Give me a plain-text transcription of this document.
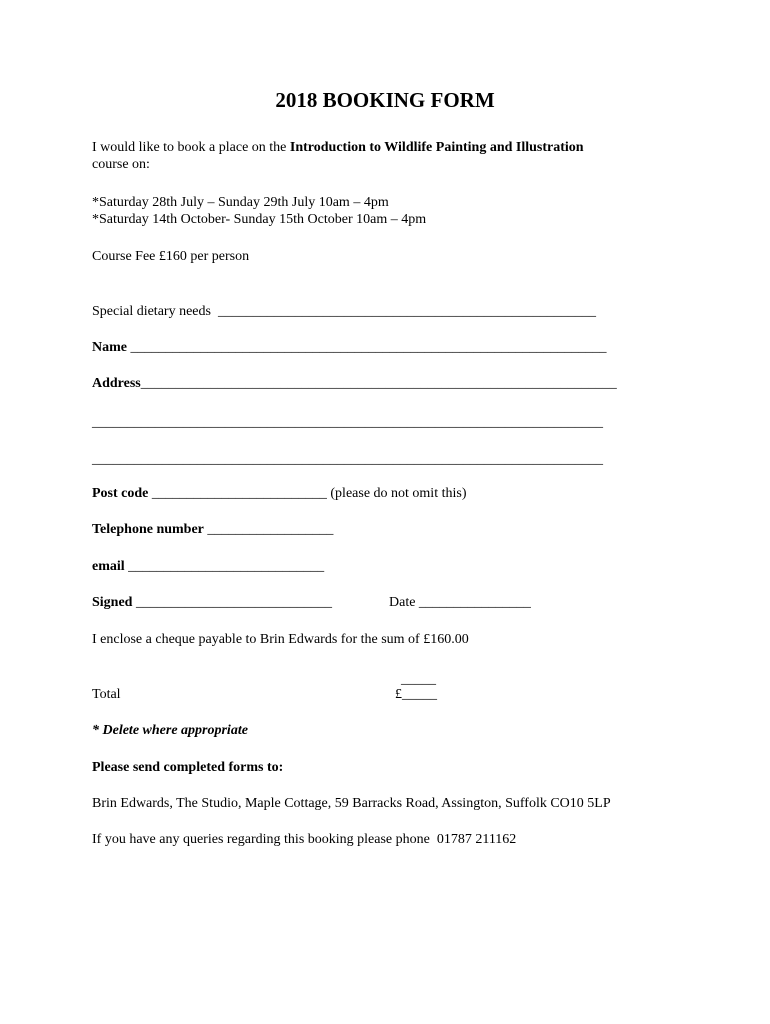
2018 BOOKING FORM
I would like to book a place on the Introduction to Wildlife Painting and Illustration
course on:
*Saturday 28th July – Sunday 29th July 10am – 4pm
*Saturday 14th October- Sunday 15th October 10am – 4pm
Course Fee £160 per person
Special dietary needs  ______________________________________________________
Name ____________________________________________________________________
Address____________________________________________________________________
_________________________________________________________________________
_________________________________________________________________________
Post code _________________________ (please do not omit this)
Telephone number __________________
email ____________________________
Signed ____________________________	Date ________________
I enclose a cheque payable to Brin Edwards for the sum of £160.00
_____
Total	£_____
* Delete where appropriate
Please send completed forms to:
Brin Edwards, The Studio, Maple Cottage, 59 Barracks Road, Assington, Suffolk CO10 5LP
If you have any queries regarding this booking please phone  01787 211162
